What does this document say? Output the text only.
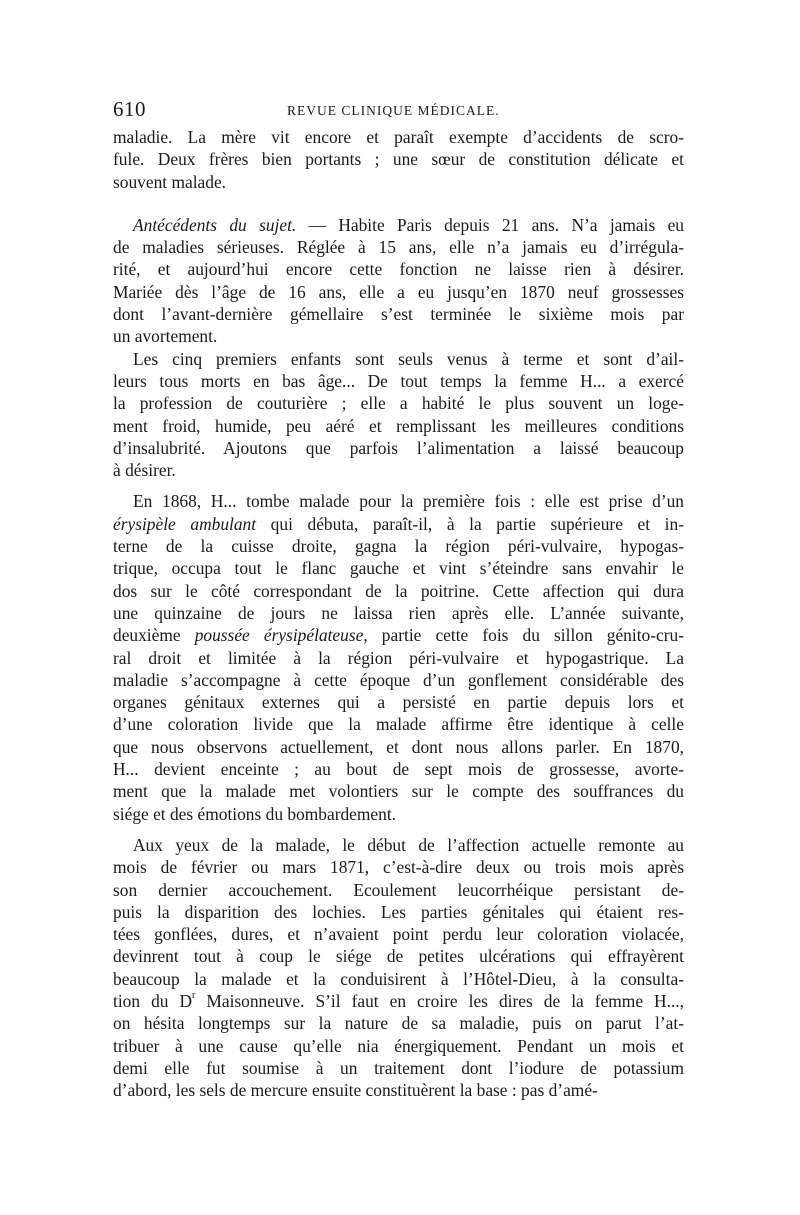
610	REVUE CLINIQUE MÉDICALE.
maladie. La mère vit encore et paraît exempte d’accidents de scro-
fule. Deux frères bien portants ; une sœur de constitution délicate et
souvent malade.
Antécédents du sujet. — Habite Paris depuis 21 ans. N’a jamais eu
de maladies sérieuses. Réglée à 15 ans, elle n’a jamais eu d’irrégula-
rité, et aujourd’hui encore cette fonction ne laisse rien à désirer.
Mariée dès l’âge de 16 ans, elle a eu jusqu’en 1870 neuf grossesses
dont l’avant-dernière gémellaire s’est terminée le sixième mois par
un avortement.
Les cinq premiers enfants sont seuls venus à terme et sont d’ail-
leurs tous morts en bas âge... De tout temps la femme H... a exercé
la profession de couturière ; elle a habité le plus souvent un loge-
ment froid, humide, peu aéré et remplissant les meilleures conditions
d’insalubrité. Ajoutons que parfois l’alimentation a laissé beaucoup
à désirer.
En 1868, H... tombe malade pour la première fois : elle est prise d’un
érysipèle ambulant qui débuta, paraît-il, à la partie supérieure et in-
terne de la cuisse droite, gagna la région péri-vulvaire, hypogas-
trique, occupa tout le flanc gauche et vint s’éteindre sans envahir le
dos sur le côté correspondant de la poitrine. Cette affection qui dura
une quinzaine de jours ne laissa rien après elle. L’année suivante,
deuxième poussée érysipélateuse, partie cette fois du sillon génito-cru-
ral droit et limitée à la région péri-vulvaire et hypogastrique. La
maladie s’accompagne à cette époque d’un gonflement considérable des
organes génitaux externes qui a persisté en partie depuis lors et
d’une coloration livide que la malade affirme être identique à celle
que nous observons actuellement, et dont nous allons parler. En 1870,
H... devient enceinte ; au bout de sept mois de grossesse, avorte-
ment que la malade met volontiers sur le compte des souffrances du
siége et des émotions du bombardement.
Aux yeux de la malade, le début de l’affection actuelle remonte au
mois de février ou mars 1871, c’est-à-dire deux ou trois mois après
son dernier accouchement. Ecoulement leucorrhéique persistant de-
puis la disparition des lochies. Les parties génitales qui étaient res-
tées gonflées, dures, et n’avaient point perdu leur coloration violacée,
devinrent tout à coup le siége de petites ulcérations qui effrayèrent
beaucoup la malade et la conduisirent à l’Hôtel-Dieu, à la consulta-
tion du $D^r$ Maisonneuve. S’il faut en croire les dires de la femme H...,
on hésita longtemps sur la nature de sa maladie, puis on parut l’at-
tribuer à une cause qu’elle nia énergiquement. Pendant un mois et
demi elle fut soumise à un traitement dont l’iodure de potassium
d’abord, les sels de mercure ensuite constituèrent la base : pas d’amé-
